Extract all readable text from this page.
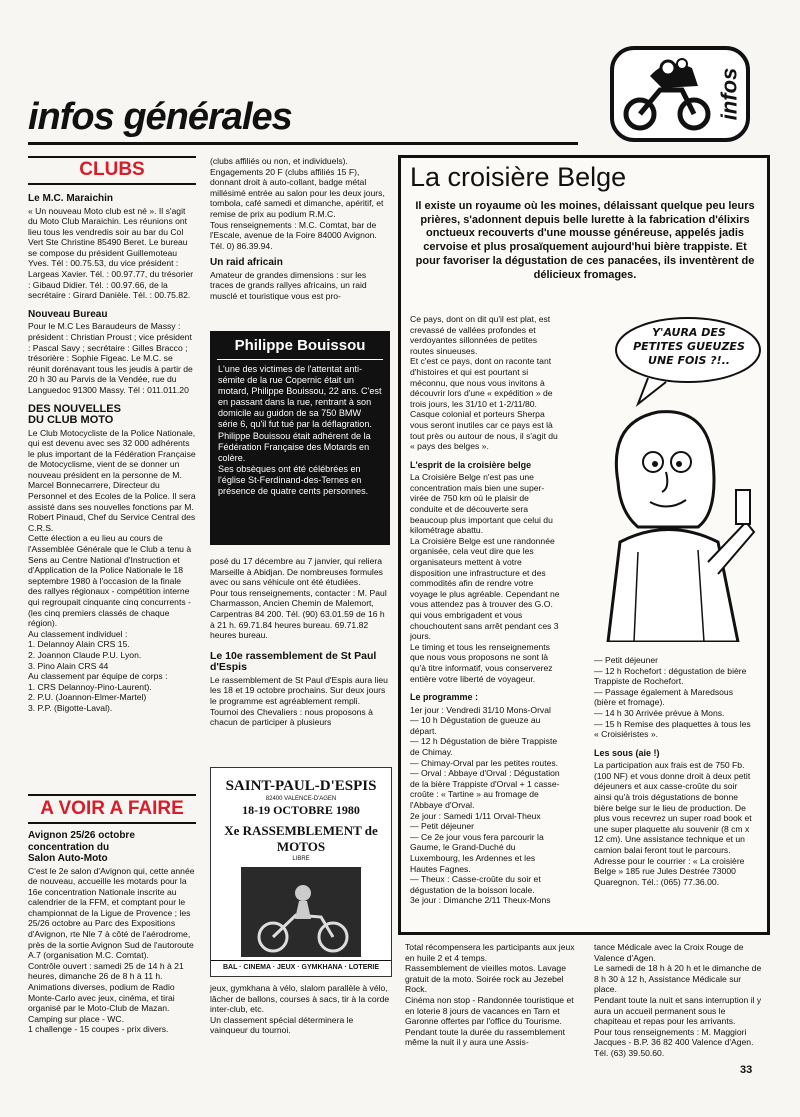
infos générales	infos
CLUBS
Le M.C. Maraichin

« Un nouveau Moto club est né ». Il s'agit du Moto Club Maraichin. Les réunions ont lieu tous les vendredis soir au bar du Col Vert Ste Christine 85490 Beret. Le bureau se compose du président Guillemoteau Yves. Tél : 00.75.53, du vice président : Largeas Xavier. Tél. : 00.97.77, du trésorier : Gibaud Didier. Tél. : 00.97.66, de la secrétaire : Girard Danièle. Tél. : 00.75.82.

Nouveau Bureau

Pour le M.C Les Baraudeurs de Massy : président : Christian Proust ; vice président : Pascal Savy ; secrétaire : Gilles Bracco ; trésorière : Sophie Figeac. Le M.C. se réunit dorénavant tous les jeudis à partir de 20 h 30 au Parvis de la Vendée, rue du Languedoc 91300 Massy. Tél : 011.011.20

DES NOUVELLES
DU CLUB MOTO

Le Club Motocycliste de la Police Nationale, qui est devenu avec ses 32 000 adhérents le plus important de la Fédération Française de Motocyclisme, vient de se donner un nouveau président en la personne de M. Marcel Bonnecarrere, Directeur du Personnel et des Ecoles de la Police. Il sera assisté dans ses nouvelles fonctions par M. Robert Pinaud, Chef du Service Central des C.R.S.
Cette élection a eu lieu au cours de l'Assemblée Générale que le Club a tenu à Sens au Centre National d'Instruction et d'Application de la Police Nationale le 18 septembre 1980 à l'occasion de la finale des rallyes régionaux - compétition interne qui regroupait cinquante cinq concurrents - (les cinq premiers classés de chaque région).
Au classement individuel :
1. Delannoy Alain CRS 15.
2. Joannon Claude P.U. Lyon.
3. Pino Alain CRS 44
Au classement par équipe de corps :
1. CRS Delannoy-Pino-Laurent).
2. P.U. (Joannon-Elmer-Martel)
3. P.P. (Bigotte-Laval).

A VOIR A FAIRE
Avignon 25/26 octobre
concentration du
Salon Auto-Moto

C'est le 2e salon d'Avignon qui, cette année de nouveau, accueille les motards pour la 16e concentration Nationale inscrite au calendrier de la FFM, et comptant pour le championnat de la Ligue de Provence ; les 25/26 octobre au Parc des Expositions d'Avignon, rte Nle 7 à côté de l'aérodrome, près de la sortie Avignon Sud de l'autoroute A.7 (organisation M.C. Comtat).
Contrôle ouvert : samedi 25 de 14 h à 21 heures, dimanche 26 de 8 h à 11 h.
Animations diverses, podium de Radio Monte-Carlo avec jeux, cinéma, et tirai organisé par le Moto-Club de Mazan.
Camping sur place - WC.
1 challenge - 15 coupes - prix divers.

(clubs affiliés ou non, et individuels).
Engagements 20 F (clubs affiliés 15 F), donnant droit à auto-collant, badge métal millésimé entrée au salon pour les deux jours, tombola, café samedi et dimanche, apéritif, et remise de prix au podium R.M.C.
Tous renseignements : M.C. Comtat, bar de l'Escale, avenue de la Foire 84000 Avignon. Tél. 0) 86.39.94.

Un raid africain

Amateur de grandes dimensions : sur les traces de grands rallyes africains, un raid musclé et touristique vous est pro-

Philippe Bouissou

L'une des victimes de l'attentat anti-sémite de la rue Copernic était un motard, Philippe Bouissou, 22 ans. C'est en passant dans la rue, rentrant à son domicile au guidon de sa 750 BMW série 6, qu'il fut tué par la déflagration. Philippe Bouissou était adhérent de la Fédération Française des Motards en colère.
Ses obsèques ont été célébrées en l'église St-Ferdinand-des-Ternes en présence de quatre cents personnes.

posé du 17 décembre au 7 janvier, qui reliera Marseille à Abidjan. De nombreuses formules avec ou sans véhicule ont été étudiées.
Pour tous renseignements, contacter : M. Paul Charmasson, Ancien Chemin de Malemort, Carpentras 84 200. Tél. (90) 63.01.59 de 16 h à 21 h. 69.71.84 heures bureau. 69.71.82 heures bureau.

Le 10e rassemblement de St Paul d'Espis

Le rassemblement de St Paul d'Espis aura lieu les 18 et 19 octobre prochains. Sur deux jours le programme est agréablement rempli.
Tournoi des Chevaliers : nous proposons à chacun de participer à plusieurs

SAINT-PAUL-D'ESPIS
82400 VALENCE-D'AGEN
18-19 OCTOBRE 1980
Xe RASSEMBLEMENT de MOTOS
LIBRE
BAL · CINEMA · JEUX · GYMKHANA · LOTERIE

jeux, gymkhana à vélo, slalom parallèle à vélo, lâcher de ballons, courses à sacs, tir à la corde inter-club, etc.
Un classement spécial déterminera le vainqueur du tournoi.

La croisière Belge

Il existe un royaume où les moines, délaissant quelque peu leurs prières, s'adonnent depuis belle lurette à la fabrication d'élixirs onctueux recouverts d'une mousse généreuse, appelés jadis cervoise et plus prosaïquement aujourd'hui bière trappiste. Et pour favoriser la dégustation de ces panacées, ils inventèrent de délicieux fromages.

Ce pays, dont on dit qu'il est plat, est crevassé de vallées profondes et verdoyantes sillonnées de petites routes sinueuses.
Et c'est ce pays, dont on raconte tant d'histoires et qui est pourtant si méconnu, que nous vous invitons à découvrir lors d'une « expédition » de trois jours, les 31/10 et 1-2/11/80.
Casque colonial et porteurs Sherpa vous seront inutiles car ce pays est là tout près ou autour de nous, il s'agit du « pays des belges ».

L'esprit de la croisière belge

La Croisière Belge n'est pas une concentration mais bien une super-virée de 750 km où le plaisir de conduite et de découverte sera beaucoup plus important que celui du kilométrage abattu.
La Croisière Belge est une randonnée organisée, cela veut dire que les organisateurs mettent à votre disposition une infrastructure et des commodités afin de rendre votre voyage le plus agréable. Cependant ne vous attendez pas à trouver des G.O. qui vous embrigadent et vous chouchoutent sans arrêt pendant ces 3 jours.
Le timing et tous les renseignements que nous vous proposons ne sont là qu'à titre informatif, vous conserverez entière votre liberté de voyageur.

Le programme :

1er jour : Vendredi 31/10 Mons-Orval
— 10 h Dégustation de gueuze au départ.
— 12 h Dégustation de bière Trappiste de Chimay.
— Chimay-Orval par les petites routes.
— Orval : Abbaye d'Orval : Dégustation de la bière Trappiste d'Orval + 1 casse-croûte : « Tartine » au fromage de l'Abbaye d'Orval.
2e jour : Samedi 1/11 Orval-Theux
— Petit déjeuner
— Ce 2e jour vous fera parcourir la Gaume, le Grand-Duché du Luxembourg, les Ardennes et les Hautes Fagnes.
— Theux : Casse-croûte du soir et dégustation de la boisson locale.
3e jour : Dimanche 2/11 Theux-Mons

Y'AURA DES PETITES GUEUZES UNE FOIS ?!..

— Petit déjeuner
— 12 h Rochefort : dégustation de bière Trappiste de Rochefort.
— Passage également à Maredsous (bière et fromage).
— 14 h 30 Arrivée prévue à Mons.
— 15 h Remise des plaquettes à tous les « Croisiéristes ».

Les sous (aie !)

La participation aux frais est de 750 Fb. (100 NF) et vous donne droit à deux petit déjeuners et aux casse-croûte du soir ainsi qu'à trois dégustations de bonne bière belge sur le lieu de production. De plus vous recevrez un super road book et une super plaquette alu souvenir (8 cm x 12 cm). Une assistance technique et un camion balai feront tout le parcours.
Adresse pour le courrier : « La croisière Belge » 185 rue Jules Destrée 73000 Quaregnon. Tél.: (065) 77.36.00.

Total récompensera les participants aux jeux en huile 2 et 4 temps.
Rassemblement de vieilles motos. Lavage gratuit de la moto. Soirée rock au Jezebel Rock.
Cinéma non stop - Randonnée touristique et en loterie 8 jours de vacances en Tarn et Garonne offertes par l'office du Tourisme.
Pendant toute la durée du rassemblement même la nuit il y aura une Assis-

tance Médicale avec la Croix Rouge de Valence d'Agen.
Le samedi de 18 h à 20 h et le dimanche de 8 h 30 à 12 h, Assistance Médicale sur place.
Pendant toute la nuit et sans interruption il y aura un accueil permanent sous le chapiteau et repas pour les arrivants.
Pour tous renseignements : M. Maggiori Jacques - B.P. 36 82 400 Valence d'Agen. Tél. (63) 39.50.60.

33
